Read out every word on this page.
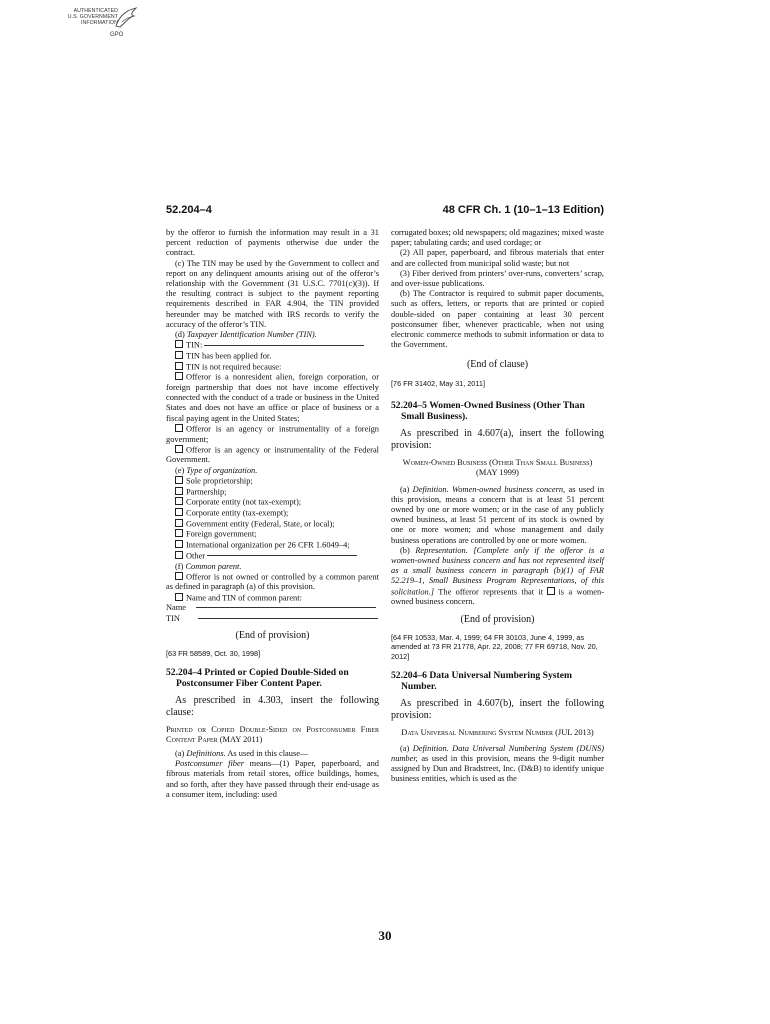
AUTHENTICATED
U.S. GOVERNMENT
INFORMATION
GPO
52.204–4	48 CFR Ch. 1 (10–1–13 Edition)

by the offeror to furnish the information may result in a 31 percent reduction of payments otherwise due under the contract.

(c) The TIN may be used by the Government to collect and report on any delinquent amounts arising out of the offeror’s relationship with the Government (31 U.S.C. 7701(c)(3)). If the resulting contract is subject to the payment reporting requirements described in FAR 4.904, the TIN provided hereunder may be matched with IRS records to verify the accuracy of the offeror’s TIN.

(d) Taxpayer Identification Number (TIN).

TIN:

TIN has been applied for.

TIN is not required because:

Offeror is a nonresident alien, foreign corporation, or foreign partnership that does not have income effectively connected with the conduct of a trade or business in the United States and does not have an office or place of business or a fiscal paying agent in the United States;

Offeror is an agency or instrumentality of a foreign government;

Offeror is an agency or instrumentality of the Federal Government.

(e) Type of organization.

Sole proprietorship;

Partnership;

Corporate entity (not tax-exempt);

Corporate entity (tax-exempt);

Government entity (Federal, State, or local);

Foreign government;

International organization per 26 CFR 1.6049–4;

Other

(f) Common parent.

Offeror is not owned or controlled by a common parent as defined in paragraph (a) of this provision.

Name and TIN of common parent:

Name

TIN

(End of provision)
[63 FR 58589, Oct. 30, 1998]

52.204–4 Printed or Copied Double-Sided on Postconsumer Fiber Content Paper.

As prescribed in 4.303, insert the following clause:

Printed or Copied Double-Sided on Postconsumer Fiber Content Paper (MAY 2011)

(a) Definitions. As used in this clause—

Postconsumer fiber means—(1) Paper, paperboard, and fibrous materials from retail stores, office buildings, homes, and so forth, after they have passed through their end-usage as a consumer item, including: used

corrugated boxes; old newspapers; old magazines; mixed waste paper; tabulating cards; and used cordage; or

(2) All paper, paperboard, and fibrous materials that enter and are collected from municipal solid waste; but not

(3) Fiber derived from printers’ over-runs, converters’ scrap, and over-issue publications.

(b) The Contractor is required to submit paper documents, such as offers, letters, or reports that are printed or copied double-sided on paper containing at least 30 percent postconsumer fiber, whenever practicable, when not using electronic commerce methods to submit information or data to the Government.

(End of clause)
[76 FR 31402, May 31, 2011]

52.204–5 Women-Owned Business (Other Than Small Business).

As prescribed in 4.607(a), insert the following provision:

Women-Owned Business (Other Than Small Business) (MAY 1999)

(a) Definition. Women-owned business concern, as used in this provision, means a concern that is at least 51 percent owned by one or more women; or in the case of any publicly owned business, at least 51 percent of its stock is owned by one or more women; and whose management and daily business operations are controlled by one or more women.

(b) Representation. [Complete only if the offeror is a women-owned business concern and has not represented itself as a small business concern in paragraph (b)(1) of FAR 52.219–1, Small Business Program Representations, of this solicitation.] The offeror represents that it is a women-owned business concern.

(End of provision)
[64 FR 10533, Mar. 4, 1999; 64 FR 30103, June 4, 1999, as amended at 73 FR 21778, Apr. 22, 2008; 77 FR 69718, Nov. 20, 2012]

52.204–6 Data Universal Numbering System Number.

As prescribed in 4.607(b), insert the following provision:

Data Universal Numbering System Number (JUL 2013)

(a) Definition. Data Universal Numbering System (DUNS) number, as used in this provision, means the 9-digit number assigned by Dun and Bradstreet, Inc. (D&B) to identify unique business entities, which is used as the

30
